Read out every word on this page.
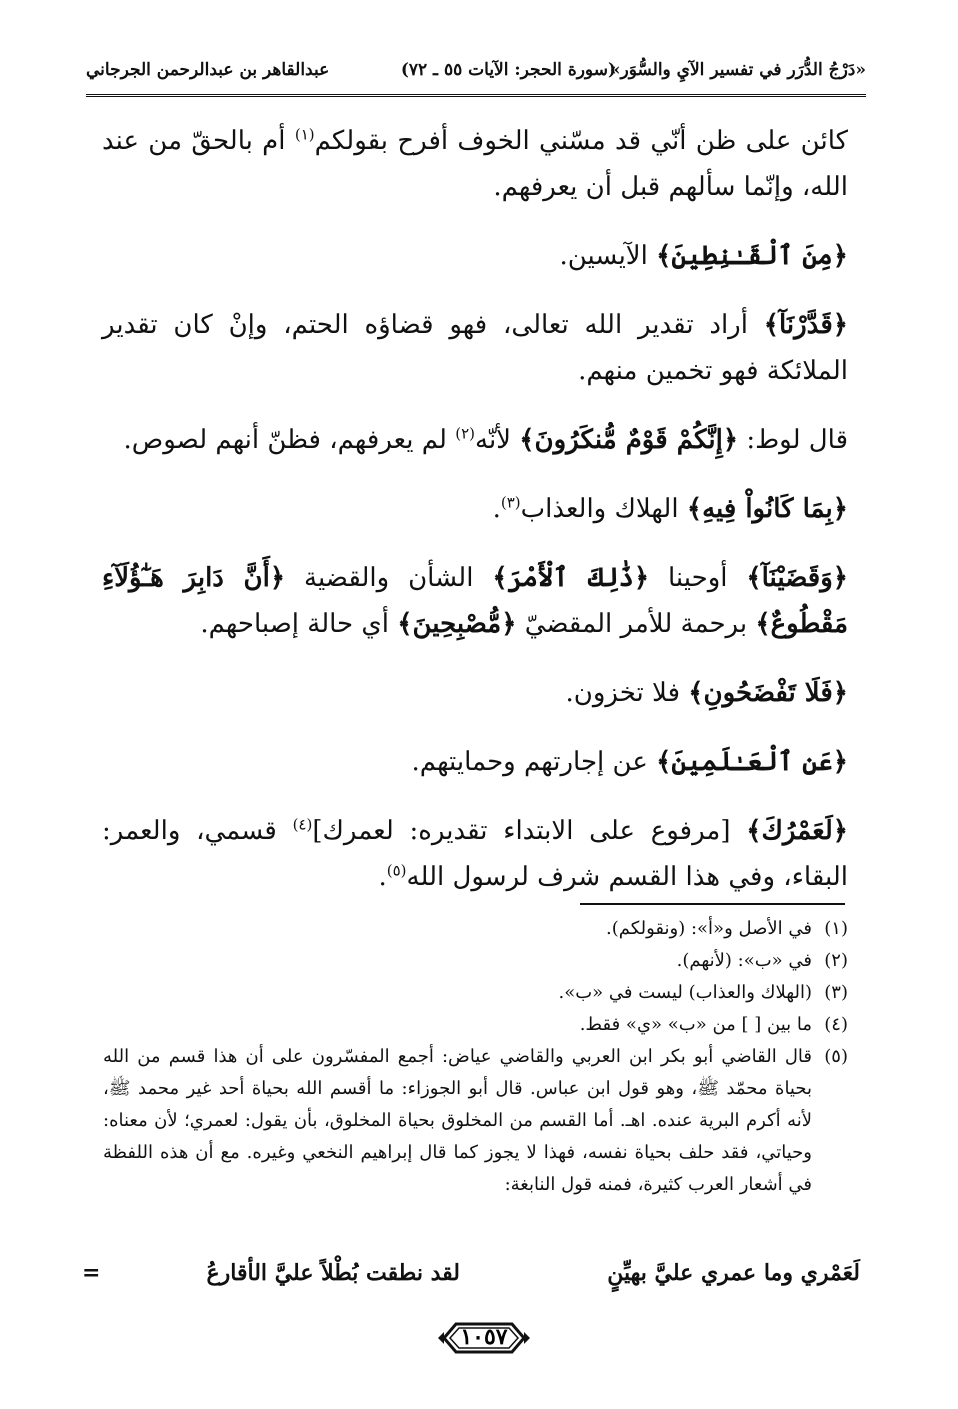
«دَرْجُ الدُّرَر في تفسير الآيِ والسُّوَر»
(سورة الحجر: الآيات ٥٥ ـ ٧٢)
عبدالقاهر بن عبدالرحمن الجرجاني

كائن على ظن أنّي قد مسّني الخوف أفرح بقولكم$^{(١)}$ أم بالحقّ من عند الله، وإنّما سألهم قبل أن يعرفهم.

﴿مِنَ ٱلْقَـٰنِطِينَ﴾ الآيسين.

﴿قَدَّرْنَآ﴾ أراد تقدير الله تعالى، فهو قضاؤه الحتم، وإنْ كان تقدير الملائكة فهو تخمين منهم.

قال لوط: ﴿إِنَّكُمْ قَوْمٌ مُّنكَرُونَ﴾ لأنّه$^{(٢)}$ لم يعرفهم، فظنّ أنهم لصوص.

﴿بِمَا كَانُواْ فِيهِ﴾ الهلاك والعذاب$^{(٣)}$.

﴿وَقَضَيْنَآ﴾ أوحينا ﴿ذَٰلِكَ ٱلْأَمْرَ﴾ الشأن والقضية ﴿أَنَّ دَابِرَ هَـٰٓؤُلَآءِ مَقْطُوعٌ﴾ برحمة للأمر المقضيّ ﴿مُّصْبِحِينَ﴾ أي حالة إصباحهم.

﴿فَلَا تَفْضَحُونِ﴾ فلا تخزون.

﴿عَنِ ٱلْعَـٰلَمِينَ﴾ عن إجارتهم وحمايتهم.

﴿لَعَمْرُكَ﴾ [مرفوع على الابتداء تقديره: لعمرك]$^{(٤)}$ قسمي، والعمر: البقاء، وفي هذا القسم شرف لرسول الله$^{(٥)}$.

(١)
في الأصل و«أ»: (ونقولكم).
(٢)
في «ب»: (لأنهم).
(٣)
(الهلاك والعذاب) ليست في «ب».
(٤)
ما بين [ ] من «ب» «ي» فقط.
(٥)
قال القاضي أبو بكر ابن العربي والقاضي عياض: أجمع المفسّرون على أن هذا قسم من الله بحياة محمّد ﷺ، وهو قول ابن عباس. قال أبو الجوزاء: ما أقسم الله بحياة أحد غير محمد ﷺ، لأنه أكرم البرية عنده. اهـ. أما القسم من المخلوق بحياة المخلوق، بأن يقول: لعمري؛ لأن معناه: وحياتي، فقد حلف بحياة نفسه، فهذا لا يجوز كما قال إبراهيم النخعي وغيره. مع أن هذه اللفظة في أشعار العرب كثيرة، فمنه قول النابغة:
لَعَمْري وما عمري عليَّ بهيِّنٍ
لقد نطقت بُطْلاً عليَّ الأقارعُ
=
١٠٥٧
